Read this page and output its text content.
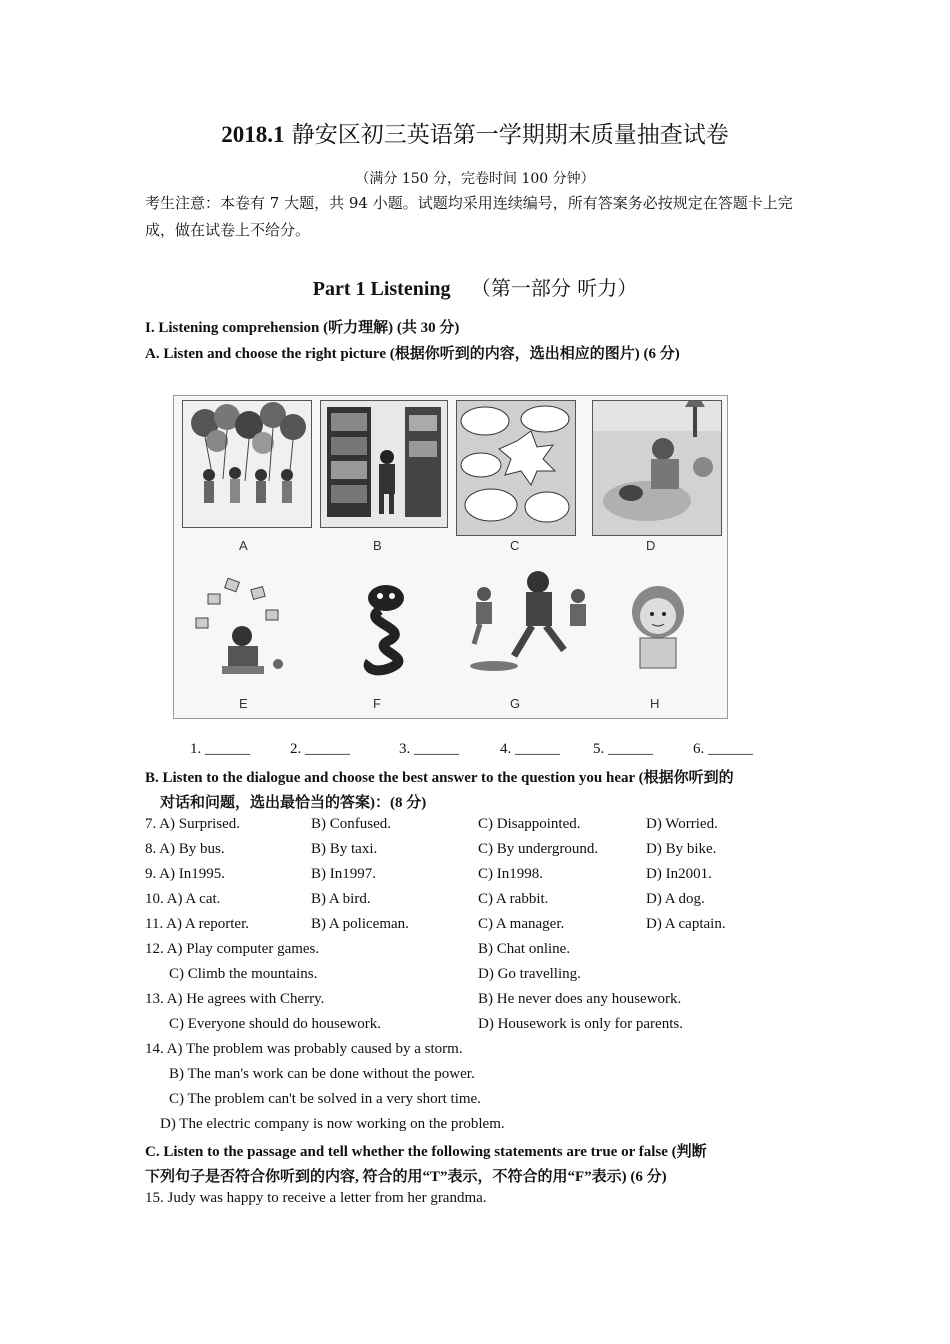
2018.1 静安区初三英语第一学期期末质量抽查试卷
（满分 150 分，完卷时间 100 分钟）
考生注意：本卷有 7 大题，共 94 小题。试题均采用连续编号，所有答案务必按规定在答题卡上完成，做在试卷上不给分。
Part 1 Listening （第一部分 听力）
I. Listening comprehension (听力理解) (共 30 分)
A. Listen and choose the right picture (根据你听到的内容，选出相应的图片) (6 分)
A	B	C	D
E	F	G	H
1. ______	2. ______	3. ______	4. ______ 5. ______	6. ______
B. Listen to the dialogue and choose the best answer to the question you hear (根据你听到的
对话和问题，选出最恰当的答案)：(8 分)
7. A) Surprised.	B) Confused.	C) Disappointed.	D) Worried.
8. A) By bus.	B) By taxi.	C) By underground.	D) By bike.
9. A) In1995.	B) In1997.	C) In1998.	D) In2001.
10. A) A cat.	B) A bird.	C) A rabbit.	D) A dog.
11. A) A reporter.	B) A policeman.	C) A manager.	D) A captain.
12. A) Play computer games.	B) Chat online.
C) Climb the mountains.	D) Go travelling.
13. A) He agrees with Cherry.	B) He never does any housework.
C) Everyone should do housework.	D) Housework is only for parents.
14. A) The problem was probably caused by a storm.
B) The man's work can be done without the power.
C) The problem can't be solved in a very short time.
D) The electric company is now working on the problem.
C. Listen to the passage and tell whether the following statements are true or false (判断
下列句子是否符合你听到的内容, 符合的用“T”表示，不符合的用“F”表示) (6 分)
15. Judy was happy to receive a letter from her grandma.
